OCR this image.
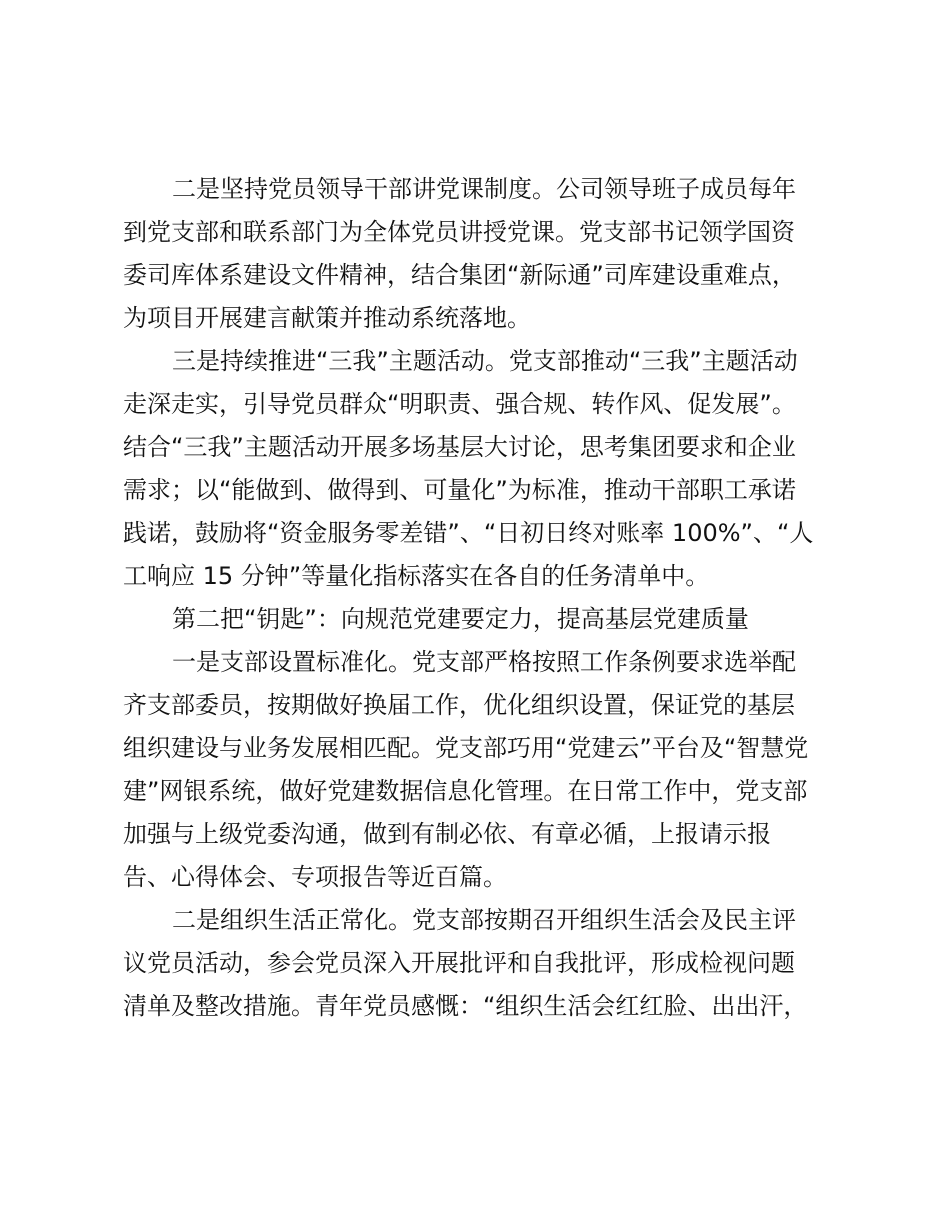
二是坚持党员领导干部讲党课制度。公司领导班子成员每年
到党支部和联系部门为全体党员讲授党课。党支部书记领学国资
委司库体系建设文件精神，结合集团“新际通”司库建设重难点，
为项目开展建言献策并推动系统落地。
三是持续推进“三我”主题活动。党支部推动“三我”主题活动
走深走实，引导党员群众“明职责、强合规、转作风、促发展”。
结合“三我”主题活动开展多场基层大讨论，思考集团要求和企业
需求；以“能做到、做得到、可量化”为标准，推动干部职工承诺
践诺，鼓励将“资金服务零差错”、“日初日终对账率 100%”、“人
工响应 15 分钟”等量化指标落实在各自的任务清单中。
第二把“钥匙”：向规范党建要定力，提高基层党建质量
一是支部设置标准化。党支部严格按照工作条例要求选举配
齐支部委员，按期做好换届工作，优化组织设置，保证党的基层
组织建设与业务发展相匹配。党支部巧用“党建云”平台及“智慧党
建”网银系统，做好党建数据信息化管理。在日常工作中，党支部
加强与上级党委沟通，做到有制必依、有章必循，上报请示报
告、心得体会、专项报告等近百篇。
二是组织生活正常化。党支部按期召开组织生活会及民主评
议党员活动，参会党员深入开展批评和自我批评，形成检视问题
清单及整改措施。青年党员感慨：“组织生活会红红脸、出出汗，
